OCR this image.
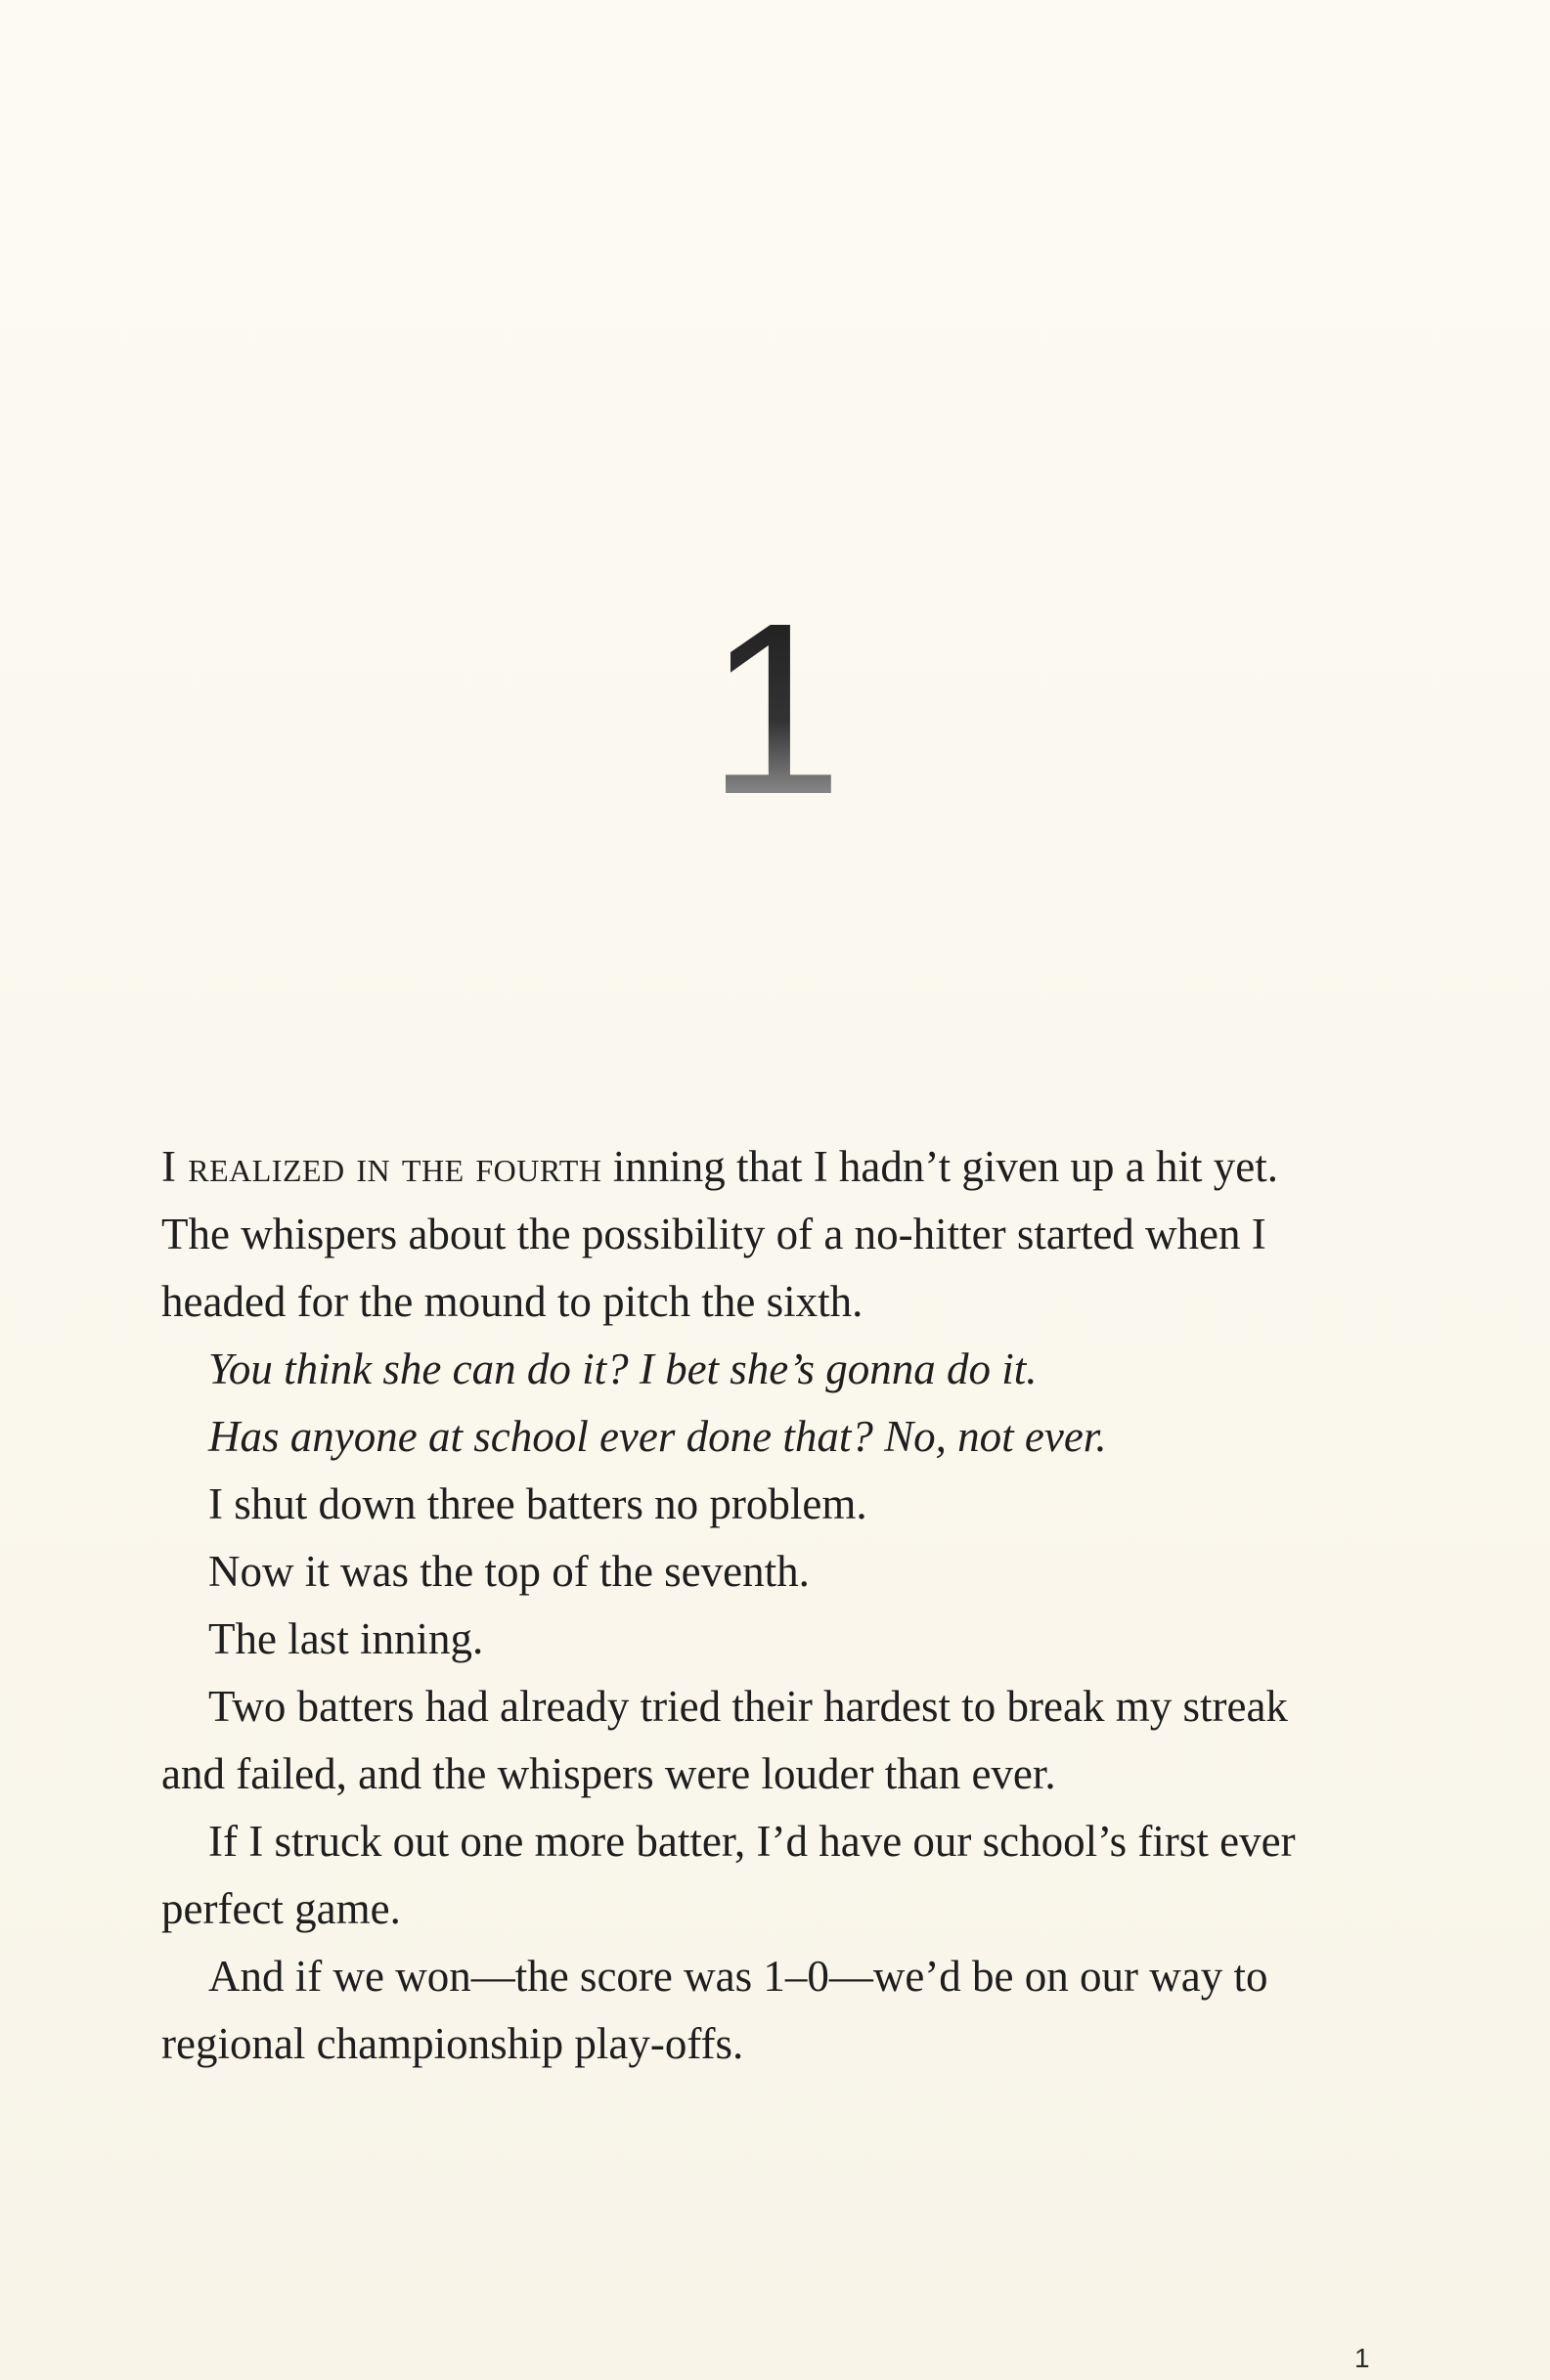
1

I realized in the fourth inning that I hadn’t given up a hit yet. The whispers about the possibility of a no-hitter started when I headed for the mound to pitch the sixth.

You think she can do it? I bet she’s gonna do it.

Has anyone at school ever done that? No, not ever.

I shut down three batters no problem.

Now it was the top of the seventh.

The last inning.

Two batters had already tried their hardest to break my streak and failed, and the whispers were louder than ever.

If I struck out one more batter, I’d have our school’s first ever perfect game.

And if we won—the score was 1–0—we’d be on our way to regional championship play-offs.

1
